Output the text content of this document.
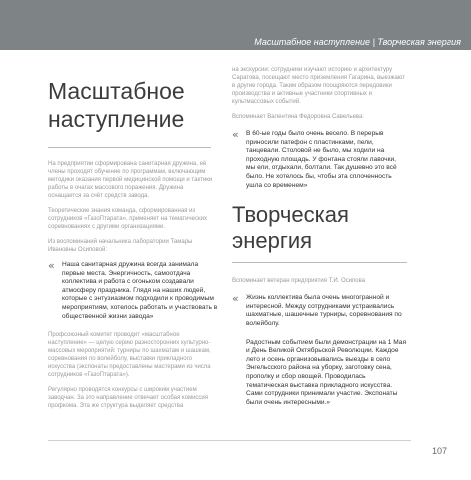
Масштабное наступление | Творческая энергия
Масштабное
наступление

На предприятии сформирована санитарная дружина, её члены проходят обучение по программам, включающим методики оказания первой медицинской помощи и тактики работы в очагах массового поражения. Дружина оснащается за счёт средств завода.

Теоретические знания команда, сформированная из сотрудников «ГазоПтарата», применяет на тематических соревнованиях с другими организациями.

Из воспоминаний начальника лаборатории Тамары Ивановны Осиповой:

« Наша санитарная дружина всегда занимала первые места. Энергичность, самоотдача коллектива и работа с огоньком создавали атмосферу праздника. Глядя на наших людей, которые с энтузиазмом подходили к проводимым мероприятиям, хотелось работать и участвовать в общественной жизни завода»

Профсоюзный комитет проводит «масштабное наступление» — целую серию разносторонних культурно-массовых мероприятий: турниры по шахматам и шашкам, соревнования по волейболу, выставки прикладного искусства (экспонаты предоставлены мастерами из числа сотрудников «ГазоПтарата»).

Регулярно проводятся конкурсы с широким участием заводчан. За это направление отвечает особая комиссия профкома. Эта же структура выделяет средства

на экскурсии: сотрудники изучают историю и архитектуру Саратова, посещают место приземления Гагарина, выезжают в другие города. Таким образом поощряются передовики производства и активные участники спортивных и культмассовых событий.

Вспоминает Валентина Федоровна Савельева:

« В 60-ые годы было очень весело. В перерыв приносили патефон с пластинками, пели, танцевали. Столовой не было, мы ходили на проходную площадь. У фонтана стояли лавочки, мы ели, отдыхали, болтали. Так душевно это всё было. Не хотелось бы, чтобы эта сплоченность ушла со временем»

Творческая энергия

Вспоминает ветеран предприятия Т.И. Осипова

« Жизнь коллектива была очень многогранной и интересной. Между сотрудниками устраивались шахматные, шашечные турниры, соревнования по волейболу.

Радостным событием были демонстрации на 1 Мая и День Великой Октябрьской Революции. Каждое лето и осень организовывались выезды в село Энгельсского района на уборку, заготовку сена, прополку и сбор овощей. Проводилась тематическая выставка прикладного искусства. Сами сотрудники принимали участие. Экспонаты были очень интересными.»

107
